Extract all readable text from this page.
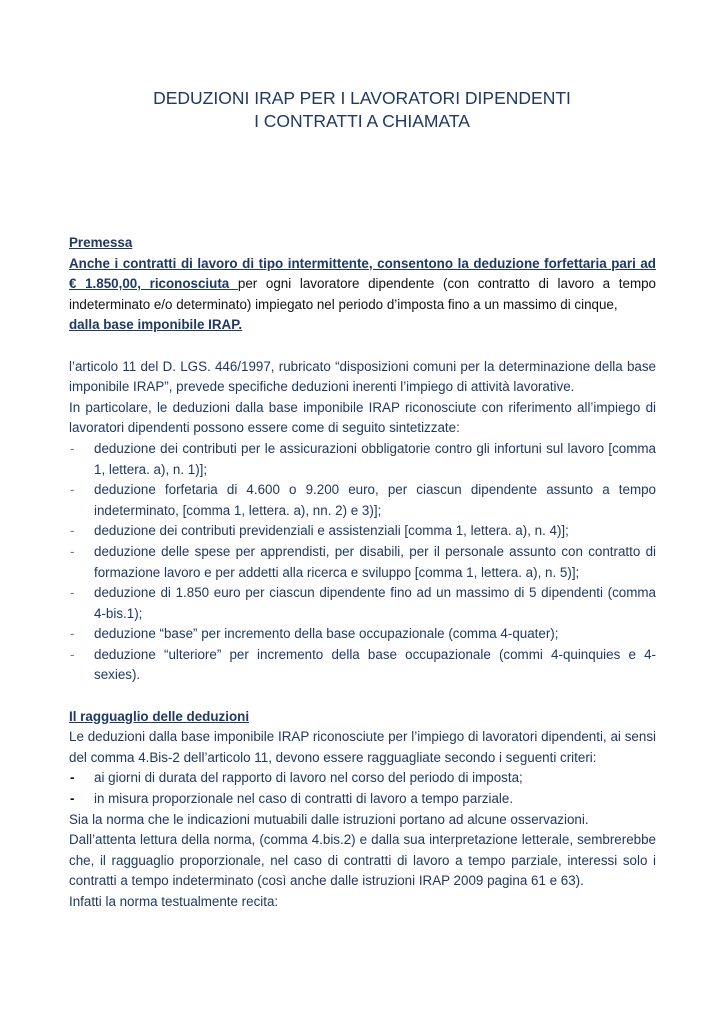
DEDUZIONI IRAP PER I LAVORATORI DIPENDENTI
I CONTRATTI A CHIAMATA

Premessa

Anche i contratti di lavoro di tipo intermittente, consentono la deduzione forfettaria pari ad € 1.850,00, riconosciuta per ogni lavoratore dipendente (con contratto di lavoro a tempo indeterminato e/o determinato) impiegato nel periodo d’imposta fino a un massimo di cinque,

dalla base imponibile IRAP.

l’articolo 11 del D. LGS. 446/1997, rubricato “disposizioni comuni per la determinazione della base imponibile IRAP”, prevede specifiche deduzioni inerenti l’impiego di attività lavorative.

In particolare, le deduzioni dalla base imponibile IRAP riconosciute con riferimento all’impiego di lavoratori dipendenti possono essere come di seguito sintetizzate:

- deduzione dei contributi per le assicurazioni obbligatorie contro gli infortuni sul lavoro [comma 1, lettera. a), n. 1)];
- deduzione forfetaria di 4.600 o 9.200 euro, per ciascun dipendente assunto a tempo indeterminato, [comma 1, lettera. a), nn. 2) e 3)];
- deduzione dei contributi previdenziali e assistenziali [comma 1, lettera. a), n. 4)];
- deduzione delle spese per apprendisti, per disabili, per il personale assunto con contratto di formazione lavoro e per addetti alla ricerca e sviluppo [comma 1, lettera. a), n. 5)];
- deduzione di 1.850 euro per ciascun dipendente fino ad un massimo di 5 dipendenti (comma 4-bis.1);
- deduzione “base” per incremento della base occupazionale (comma 4-quater);
- deduzione “ulteriore” per incremento della base occupazionale (commi 4-quinquies e 4-sexies).

Il ragguaglio delle deduzioni

Le deduzioni dalla base imponibile IRAP riconosciute per l’impiego di lavoratori dipendenti, ai sensi del comma 4.Bis-2 dell’articolo 11, devono essere ragguagliate secondo i seguenti criteri:

- ai giorni di durata del rapporto di lavoro nel corso del periodo di imposta;
- in misura proporzionale nel caso di contratti di lavoro a tempo parziale.

Sia la norma che le indicazioni mutuabili dalle istruzioni portano ad alcune osservazioni.

Dall’attenta lettura della norma, (comma 4.bis.2) e dalla sua interpretazione letterale, sembrerebbe che, il ragguaglio proporzionale, nel caso di contratti di lavoro a tempo parziale, interessi solo i contratti a tempo indeterminato (così anche dalle istruzioni IRAP 2009 pagina 61 e 63).

Infatti la norma testualmente recita:
